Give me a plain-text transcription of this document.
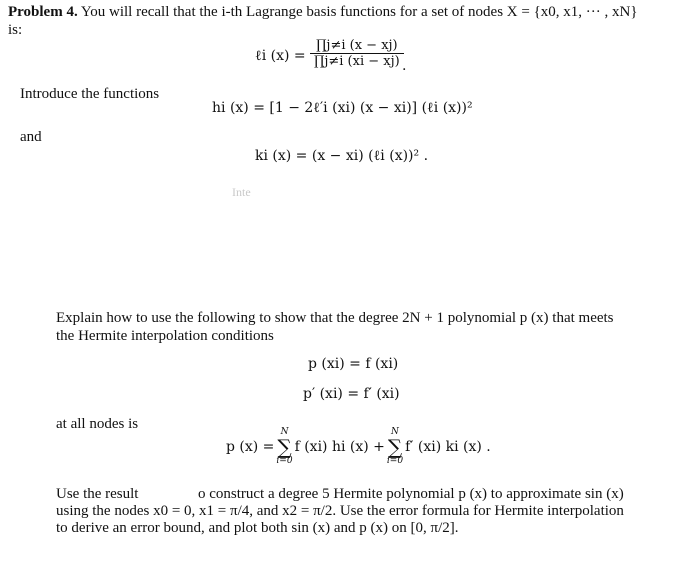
Problem 4. You will recall that the i-th Lagrange basis functions for a set of nodes X = {x0, x1, ··· , xN}
is:
ℓi (x) =
∏j≠i (x − xj)
∏j≠i (xi − xj) .
Introduce the functions
hi (x) = [1 − 2ℓ′i (xi) (x − xi)] (ℓi (x))²
and
ki (x) = (x − xi) (ℓi (x))² .
Inte
Explain how to use the following to show that the degree 2N + 1 polynomial p (x) that meets
the Hermite interpolation conditions
p (xi) = f (xi)
p′ (xi) = f′ (xi)
at all nodes is
p (x) =
N
∑
i=0
f (xi) hi (x) +
N
∑
i=0
f′ (xi) ki (x) .
Use the result	o construct a degree 5 Hermite polynomial p (x) to approximate sin (x)
using the nodes x0 = 0, x1 = π/4, and x2 = π/2. Use the error formula for Hermite interpolation
to derive an error bound, and plot both sin (x) and p (x) on [0, π/2].
